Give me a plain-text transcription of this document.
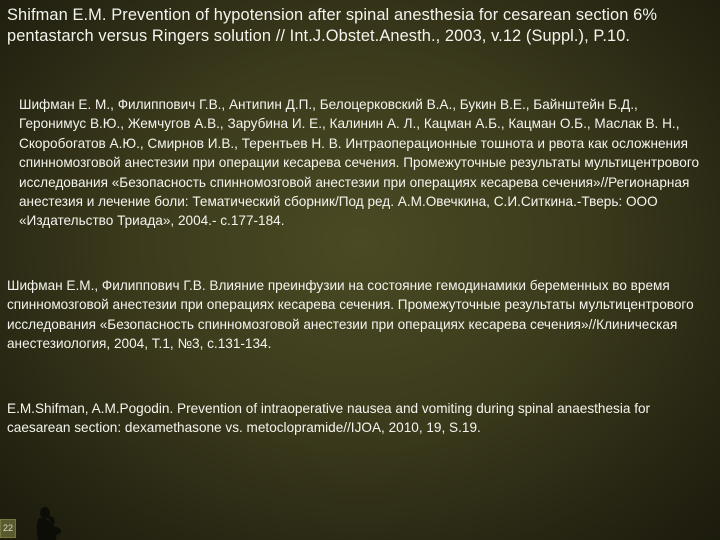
Shifman E.M. Prevention of hypotension after spinal anesthesia for cesarean section 6% pentastarch versus Ringers solution // Int.J.Obstet.Anesth., 2003, v.12 (Suppl.), P.10.

Шифман Е. М., Филиппович Г.В., Антипин Д.П., Белоцерковский В.А., Букин В.Е., Байнштейн Б.Д., Геронимус В.Ю., Жемчугов А.В., Зарубина И. Е., Калинин А. Л., Кацман А.Б., Кацман О.Б., Маслак В. Н., Скоробогатов А.Ю., Смирнов И.В., Терентьев Н. В. Интраоперационные тошнота и рвота как осложнения спинномозговой анестезии при операции кесарева сечения. Промежуточные результаты мультицентрового исследования «Безопасность спинномозговой анестезии при операциях кесарева сечения»//Регионарная анестезия и лечение боли: Тематический сборник/Под ред. А.М.Овечкина, С.И.Ситкина.-Тверь: ООО «Издательство Триада», 2004.- с.177-184.

Шифман Е.М., Филиппович Г.В. Влияние преинфузии на состояние гемодинамики беременных во время спинномозговой анестезии при операциях кесарева сечения. Промежуточные результаты мультицентрового исследования «Безопасность спинномозговой анестезии при операциях кесарева сечения»//Клиническая анестезиология, 2004, Т.1, №3, с.131-134.

E.M.Shifman, A.M.Pogodin. Prevention of intraoperative nausea and vomiting during spinal anaesthesia for caesarean section: dexamethasone vs. metoclopramide//IJOA, 2010, 19, S.19.

22
